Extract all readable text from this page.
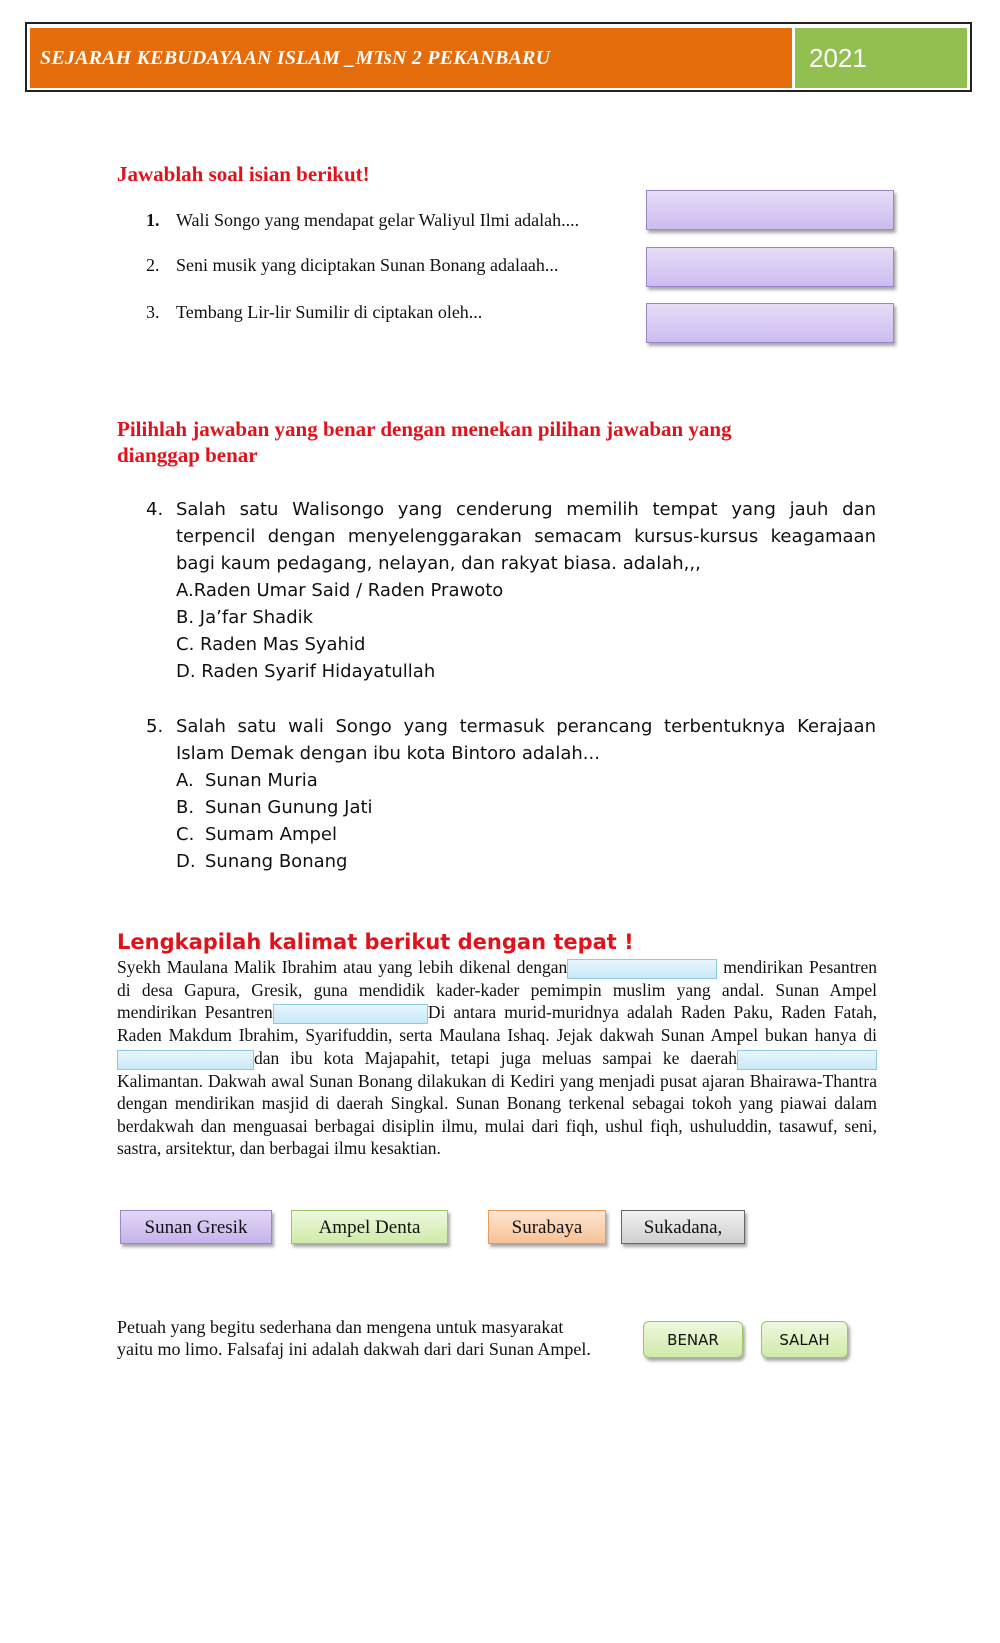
SEJARAH KEBUDAYAAN ISLAM _MTsN 2 PEKANBARU	2021
Jawablah soal isian berikut!
1. Wali Songo yang mendapat gelar Waliyul Ilmi adalah....
2. Seni musik yang diciptakan Sunan Bonang adalaah...
3. Tembang Lir-lir Sumilir di ciptakan oleh...
Pilihlah jawaban yang benar dengan menekan pilihan jawaban yang
dianggap benar
4. Salah satu Walisongo yang cenderung memilih tempat yang jauh dan terpencil dengan menyelenggarakan semacam kursus-kursus keagamaan bagi kaum pedagang, nelayan, dan rakyat biasa. adalah,,,
A.Raden Umar Said / Raden Prawoto
B. Ja’far Shadik
C. Raden Mas Syahid
D. Raden Syarif Hidayatullah
5. Salah satu wali Songo yang termasuk perancang terbentuknya Kerajaan Islam Demak dengan ibu kota Bintoro adalah...
A. Sunan Muria
B. Sunan Gunung Jati
C. Sumam Ampel
D. Sunang Bonang
Lengkapilah kalimat berikut dengan tepat !
Syekh Maulana Malik Ibrahim atau yang lebih dikenal dengan	mendirikan Pesantren di desa Gapura, Gresik, guna mendidik kader-kader pemimpin muslim yang andal. Sunan Ampel mendirikan Pesantren	Di antara murid-muridnya adalah Raden Paku, Raden Fatah, Raden Makdum Ibrahim, Syarifuddin, serta Maulana Ishaq. Jejak dakwah Sunan Ampel bukan hanya didan ibu kota Majapahit, tetapi juga meluas sampai ke daerahKalimantan. Dakwah awal Sunan Bonang dilakukan di Kediri yang menjadi pusat ajaran Bhairawa-Thantra dengan mendirikan masjid di daerah Singkal. Sunan Bonang terkenal sebagai tokoh yang piawai dalam berdakwah dan menguasai berbagai disiplin ilmu, mulai dari fiqh, ushul fiqh, ushuluddin, tasawuf, seni, sastra, arsitektur, dan berbagai ilmu kesaktian.
Sunan Gresik	Ampel Denta	Surabaya	Sukadana,
Petuah yang begitu sederhana dan mengena untuk masyarakat
yaitu mo limo. Falsafaj ini adalah dakwah dari dari Sunan Ampel.	BENAR	SALAH
